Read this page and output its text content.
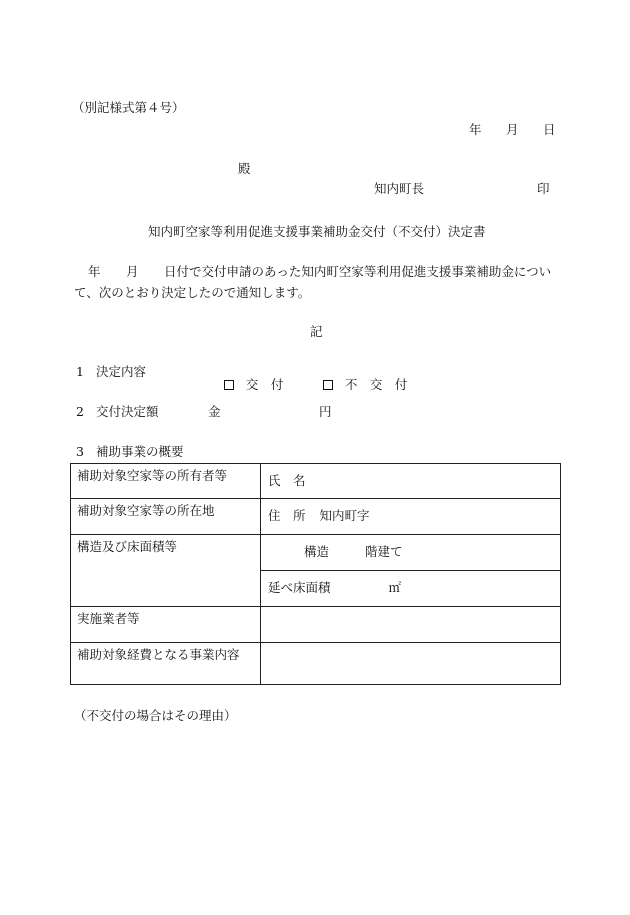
（別記様式第４号）
年 月 日
殿
知内町長	印
知内町空家等利用促進支援事業補助金交付（不交付）決定書
年 月 日付で交付申請のあった知内町空家等利用促進支援事業補助金につい
て、次のとおり決定したので通知します。
記
1 決定内容

交　付
	不　交　付

2 交付決定額	金	円
3 補助事業の概要
補助対象空家等の所有者等	氏　名
補助対象空家等の所在地	住　所 知内町字
構造及び床面積等	構造 階建て
	延べ床面積 ㎡
実施業者等	
補助対象経費となる事業内容	
（不交付の場合はその理由）
